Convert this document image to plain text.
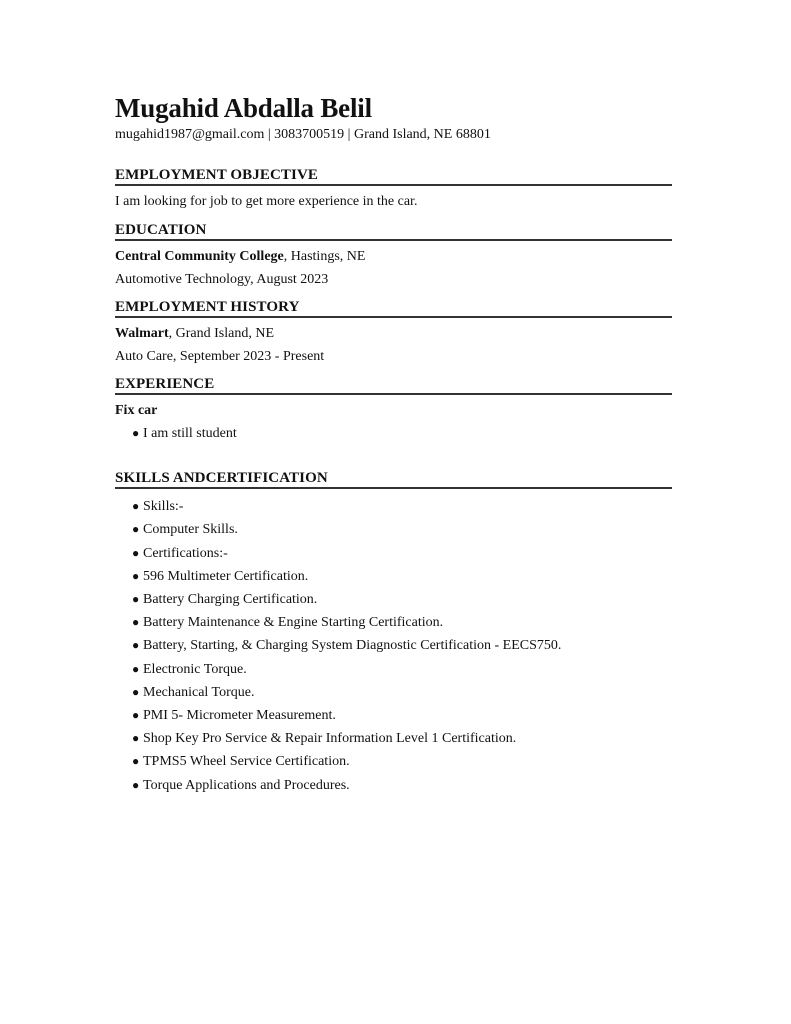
Mugahid Abdalla Belil
mugahid1987@gmail.com | 3083700519 | Grand Island, NE 68801
EMPLOYMENT OBJECTIVE
I am looking for job to get more experience in the car.
EDUCATION
Central Community College, Hastings, NE
Automotive Technology, August 2023
EMPLOYMENT HISTORY
Walmart, Grand Island, NE
Auto Care, September 2023 - Present
EXPERIENCE
Fix car
● I am still student
SKILLS ANDCERTIFICATION
● Skills:-
● Computer Skills.
● Certifications:-
● 596 Multimeter Certification.
● Battery Charging Certification.
● Battery Maintenance & Engine Starting Certification.
● Battery, Starting, & Charging System Diagnostic Certification - EECS750.
● Electronic Torque.
● Mechanical Torque.
● PMI 5- Micrometer Measurement.
● Shop Key Pro Service & Repair Information Level 1 Certification.
● TPMS5 Wheel Service Certification.
● Torque Applications and Procedures.
